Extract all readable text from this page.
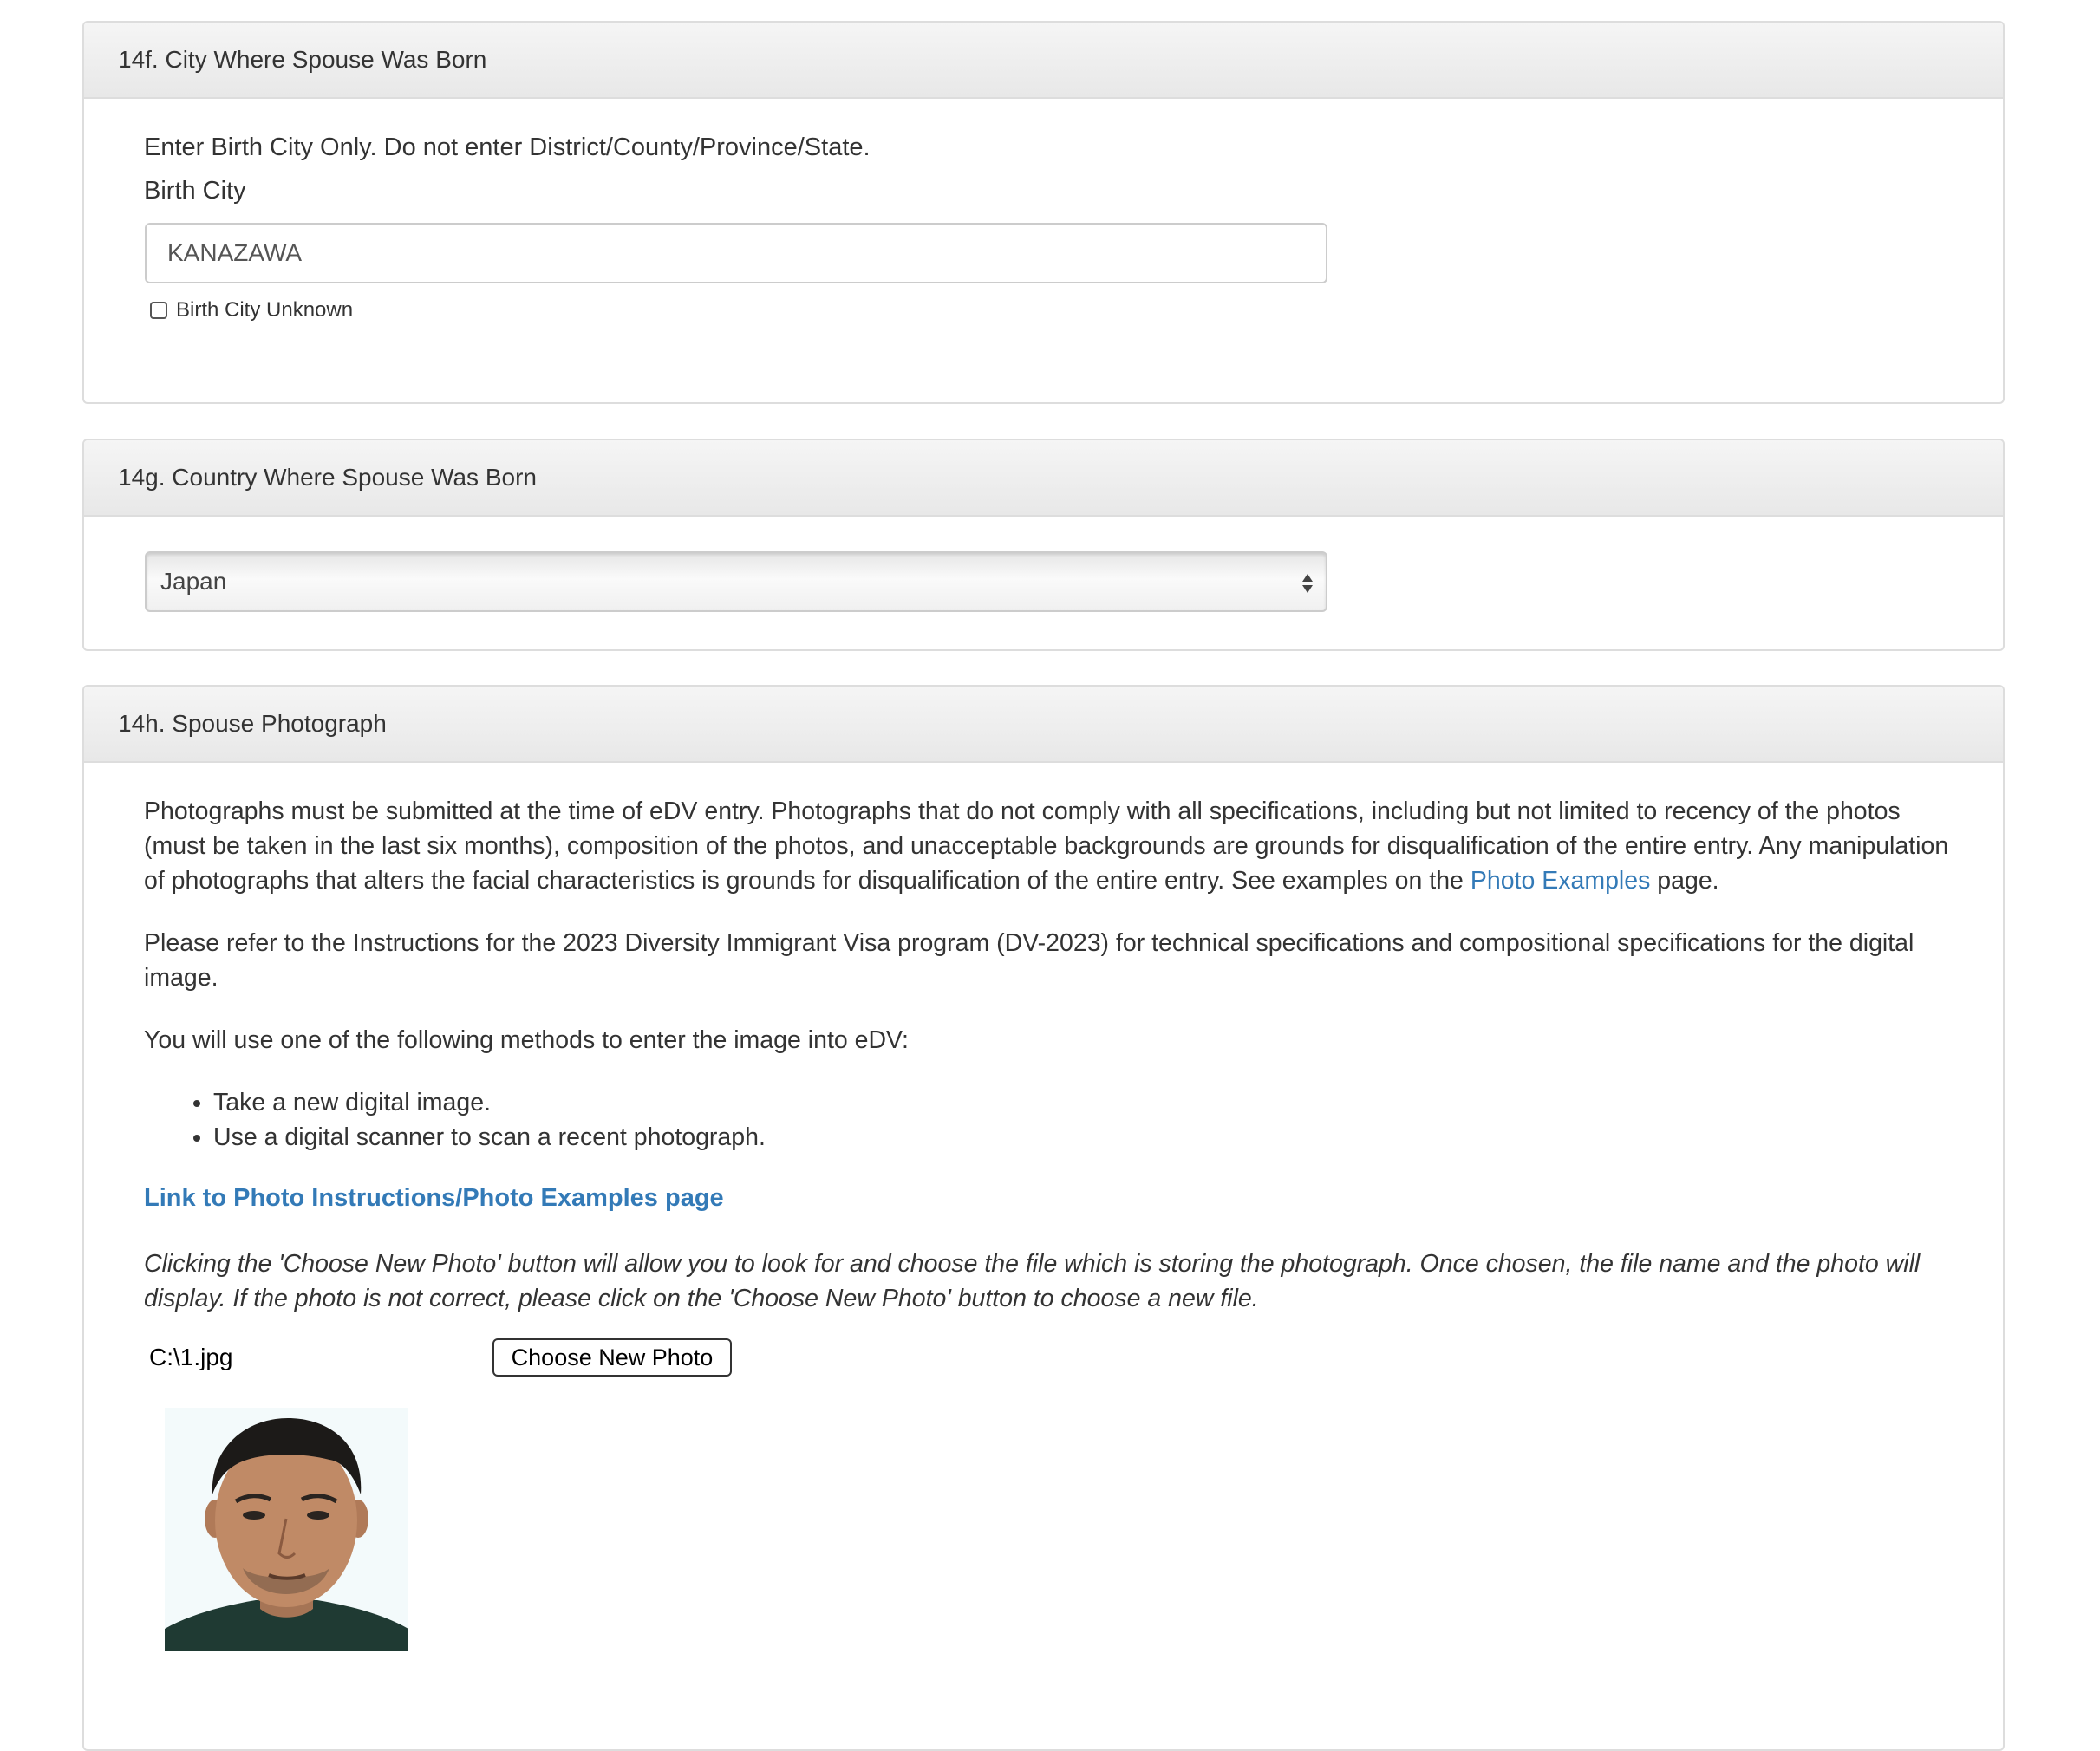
14f. City Where Spouse Was Born
Enter Birth City Only. Do not enter District/County/Province/State.
Birth City
KANAZAWA
Birth City Unknown
14g. Country Where Spouse Was Born
Japan
14h. Spouse Photograph

Photographs must be submitted at the time of eDV entry. Photographs that do not comply with all specifications, including but not limited to recency of the photos (must be taken in the last six months), composition of the photos, and unacceptable backgrounds are grounds for disqualification of the entire entry. Any manipulation of photographs that alters the facial characteristics is grounds for disqualification of the entire entry. See examples on the Photo Examples page.

Please refer to the Instructions for the 2023 Diversity Immigrant Visa program (DV-2023) for technical specifications and compositional specifications for the digital image.

You will use one of the following methods to enter the image into eDV:

• Take a new digital image.
• Use a digital scanner to scan a recent photograph.
Link to Photo Instructions/Photo Examples page

Clicking the 'Choose New Photo' button will allow you to look for and choose the file which is storing the photograph. Once chosen, the file name and the photo will display. If the photo is not correct, please click on the 'Choose New Photo' button to choose a new file.

C:\1.jpg	Choose New Photo
